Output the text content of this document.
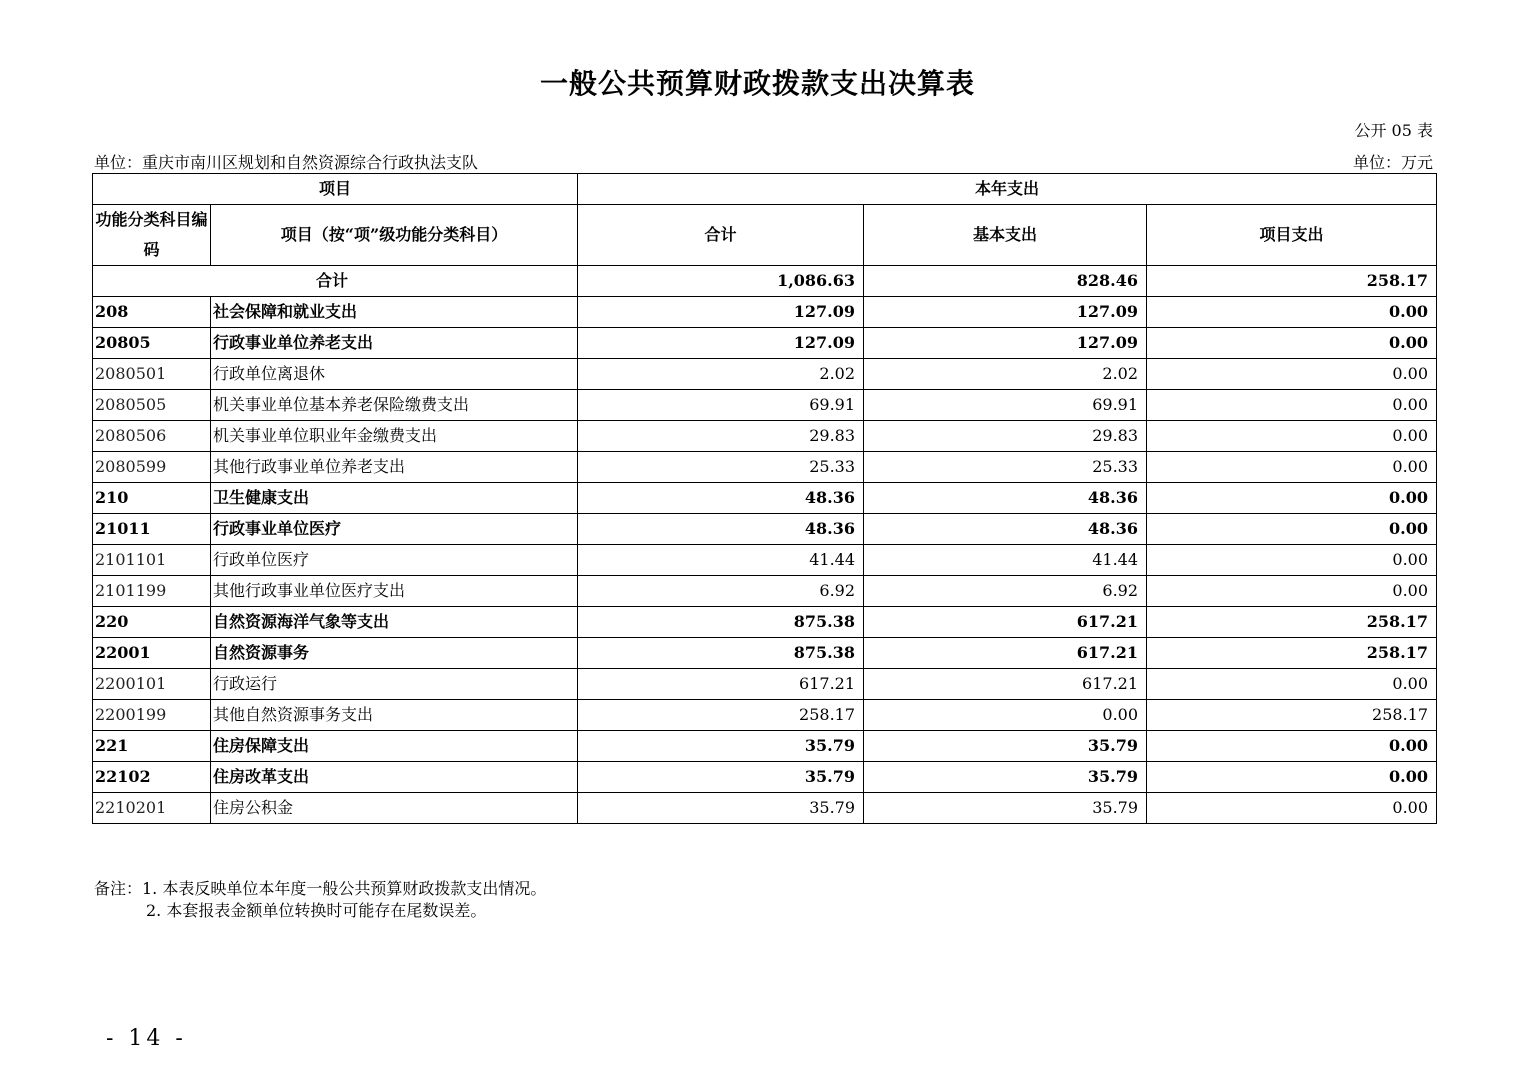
一般公共预算财政拨款支出决算表
公开 05 表
单位：重庆市南川区规划和自然资源综合行政执法支队	单位：万元
项目		本年支出		
功能分类科目编码	项目（按“项”级功能分类科目）	合计	基本支出	项目支出
合计		1,086.63	828.46	258.17
208	社会保障和就业支出	127.09	127.09	0.00
20805	行政事业单位养老支出	127.09	127.09	0.00
2080501	行政单位离退休	2.02	2.02	0.00
2080505	机关事业单位基本养老保险缴费支出	69.91	69.91	0.00
2080506	机关事业单位职业年金缴费支出	29.83	29.83	0.00
2080599	其他行政事业单位养老支出	25.33	25.33	0.00
210	卫生健康支出	48.36	48.36	0.00
21011	行政事业单位医疗	48.36	48.36	0.00
2101101	行政单位医疗	41.44	41.44	0.00
2101199	其他行政事业单位医疗支出	6.92	6.92	0.00
220	自然资源海洋气象等支出	875.38	617.21	258.17
22001	自然资源事务	875.38	617.21	258.17
2200101	行政运行	617.21	617.21	0.00
2200199	其他自然资源事务支出	258.17	0.00	258.17
221	住房保障支出	35.79	35.79	0.00
22102	住房改革支出	35.79	35.79	0.00
2210201	住房公积金	35.79	35.79	0.00
备注：1. 本表反映单位本年度一般公共预算财政拨款支出情况。
2. 本套报表金额单位转换时可能存在尾数误差。
- 14 -
